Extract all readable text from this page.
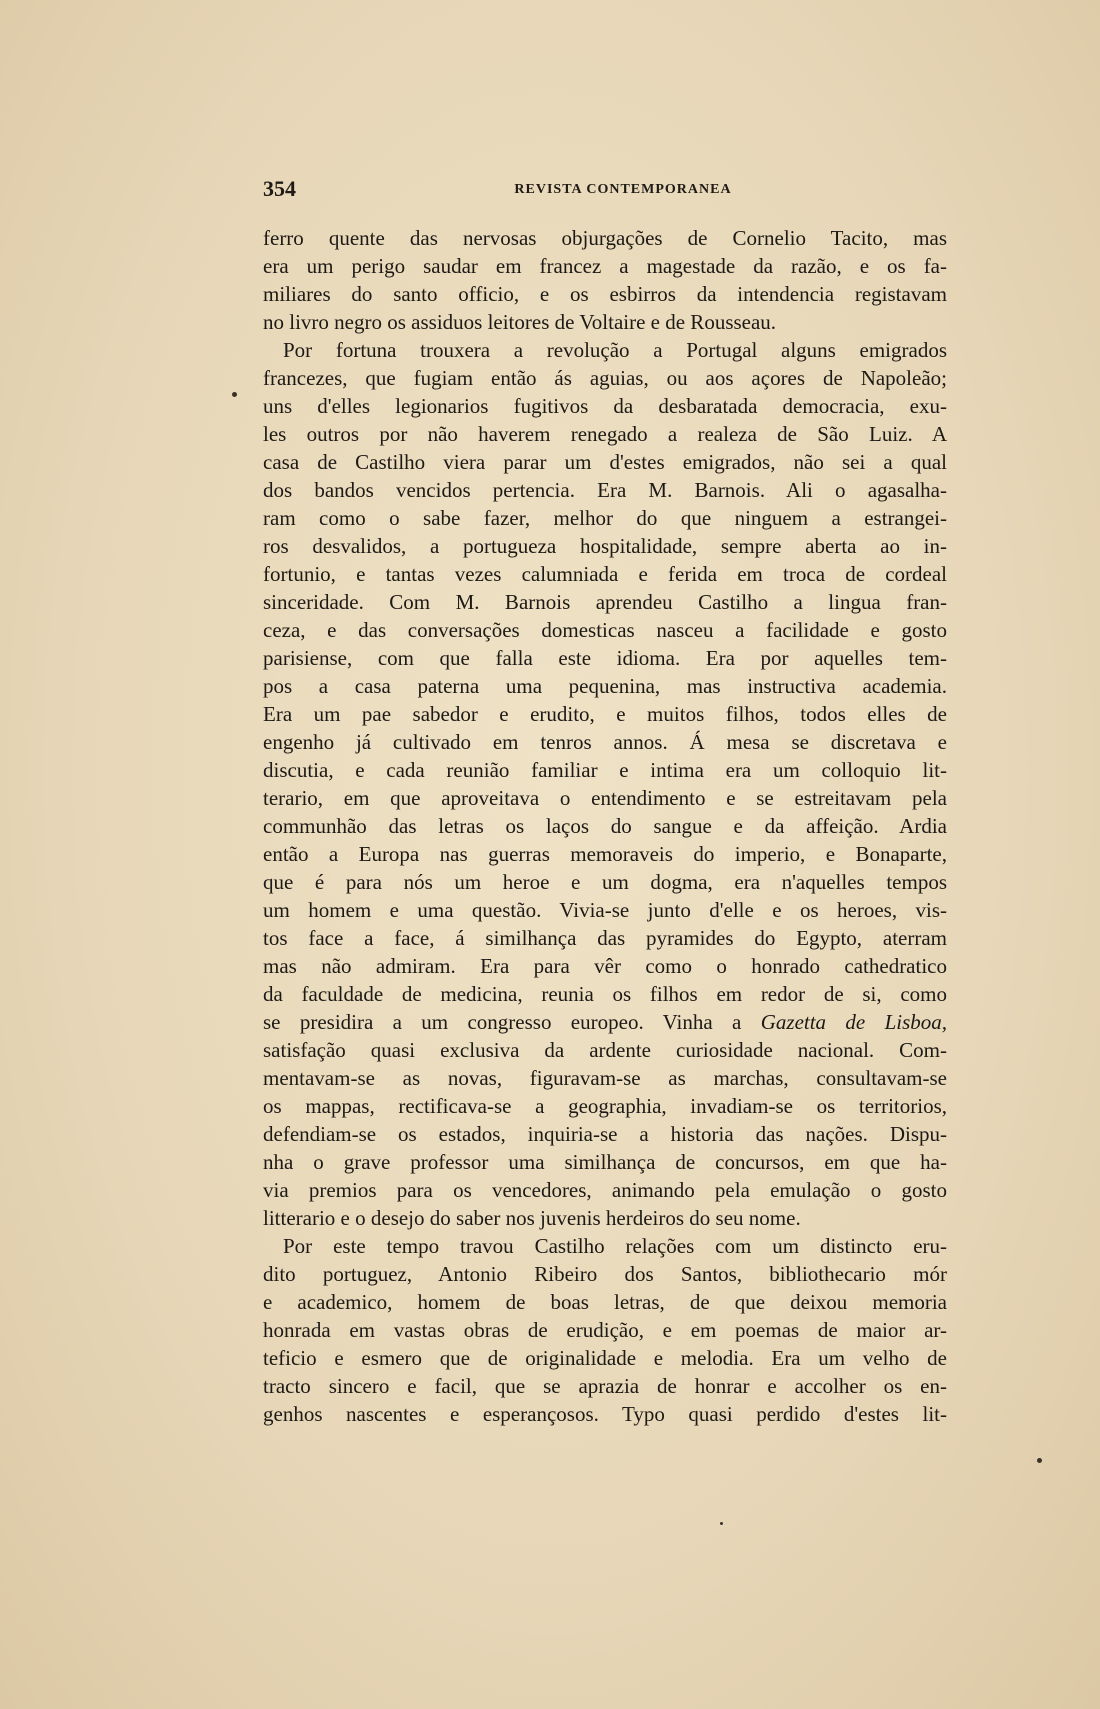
354	REVISTA CONTEMPORANEA
ferro quente das nervosas objurgações de Cornelio Tacito, mas
era um perigo saudar em francez a magestade da razão, e os fa-
miliares do santo officio, e os esbirros da intendencia registavam
no livro negro os assiduos leitores de Voltaire e de Rousseau.
Por fortuna trouxera a revolução a Portugal alguns emigrados
francezes, que fugiam então ás aguias, ou aos açores de Napoleão;
uns d'elles legionarios fugitivos da desbaratada democracia, exu-
les outros por não haverem renegado a realeza de São Luiz. A
casa de Castilho viera parar um d'estes emigrados, não sei a qual
dos bandos vencidos pertencia. Era M. Barnois. Ali o agasalha-
ram como o sabe fazer, melhor do que ninguem a estrangei-
ros desvalidos, a portugueza hospitalidade, sempre aberta ao in-
fortunio, e tantas vezes calumniada e ferida em troca de cordeal
sinceridade. Com M. Barnois aprendeu Castilho a lingua fran-
ceza, e das conversações domesticas nasceu a facilidade e gosto
parisiense, com que falla este idioma. Era por aquelles tem-
pos a casa paterna uma pequenina, mas instructiva academia.
Era um pae sabedor e erudito, e muitos filhos, todos elles de
engenho já cultivado em tenros annos. Á mesa se discretava e
discutia, e cada reunião familiar e intima era um colloquio lit-
terario, em que aproveitava o entendimento e se estreitavam pela
communhão das letras os laços do sangue e da affeição. Ardia
então a Europa nas guerras memoraveis do imperio, e Bonaparte,
que é para nós um heroe e um dogma, era n'aquelles tempos
um homem e uma questão. Vivia-se junto d'elle e os heroes, vis-
tos face a face, á similhança das pyramides do Egypto, aterram
mas não admiram. Era para vêr como o honrado cathedratico
da faculdade de medicina, reunia os filhos em redor de si, como
se presidira a um congresso europeo. Vinha a Gazetta de Lisboa,
satisfação quasi exclusiva da ardente curiosidade nacional. Com-
mentavam-se as novas, figuravam-se as marchas, consultavam-se
os mappas, rectificava-se a geographia, invadiam-se os territorios,
defendiam-se os estados, inquiria-se a historia das nações. Dispu-
nha o grave professor uma similhança de concursos, em que ha-
via premios para os vencedores, animando pela emulação o gosto
litterario e o desejo do saber nos juvenis herdeiros do seu nome.
Por este tempo travou Castilho relações com um distincto eru-
dito portuguez, Antonio Ribeiro dos Santos, bibliothecario mór
e academico, homem de boas letras, de que deixou memoria
honrada em vastas obras de erudição, e em poemas de maior ar-
teficio e esmero que de originalidade e melodia. Era um velho de
tracto sincero e facil, que se aprazia de honrar e accolher os en-
genhos nascentes e esperançosos. Typo quasi perdido d'estes lit-
